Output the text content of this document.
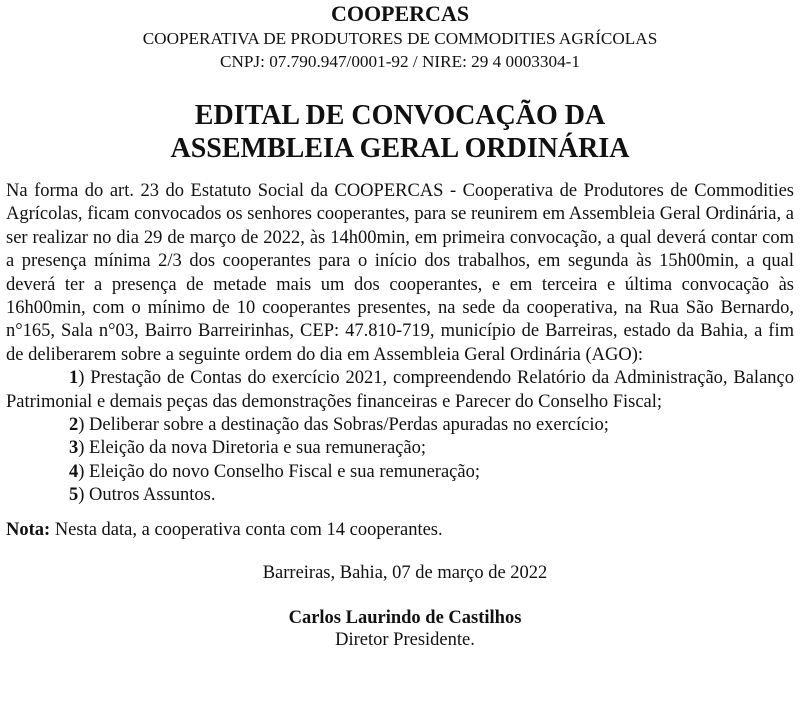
COOPERCAS
COOPERATIVA DE PRODUTORES DE COMMODITIES AGRÍCOLAS
CNPJ: 07.790.947/0001-92 / NIRE: 29 4 0003304-1
EDITAL DE CONVOCAÇÃO DA
ASSEMBLEIA GERAL ORDINÁRIA

Na forma do art. 23 do Estatuto Social da COOPERCAS - Cooperativa de Produtores de Commodities Agrícolas, ficam convocados os senhores cooperantes, para se reunirem em Assembleia Geral Ordinária, a ser realizar no dia 29 de março de 2022, às 14h00min, em primeira convocação, a qual deverá contar com a presença mínima 2/3 dos cooperantes para o início dos trabalhos, em segunda às 15h00min, a qual deverá ter a presença de metade mais um dos cooperantes, e em terceira e última convocação às 16h00min, com o mínimo de 10 cooperantes presentes, na sede da cooperativa, na Rua São Bernardo, n°165, Sala n°03, Bairro Barreirinhas, CEP: 47.810-719, município de Barreiras, estado da Bahia, a fim de deliberarem sobre a seguinte ordem do dia em Assembleia Geral Ordinária (AGO):

1) Prestação de Contas do exercício 2021, compreendendo Relatório da Administração, Balanço Patrimonial e demais peças das demonstrações financeiras e Parecer do Conselho Fiscal;

2) Deliberar sobre a destinação das Sobras/Perdas apuradas no exercício;

3) Eleição da nova Diretoria e sua remuneração;

4) Eleição do novo Conselho Fiscal e sua remuneração;

5) Outros Assuntos.

Nota: Nesta data, a cooperativa conta com 14 cooperantes.
Barreiras, Bahia, 07 de março de 2022
Carlos Laurindo de Castilhos
Diretor Presidente.
